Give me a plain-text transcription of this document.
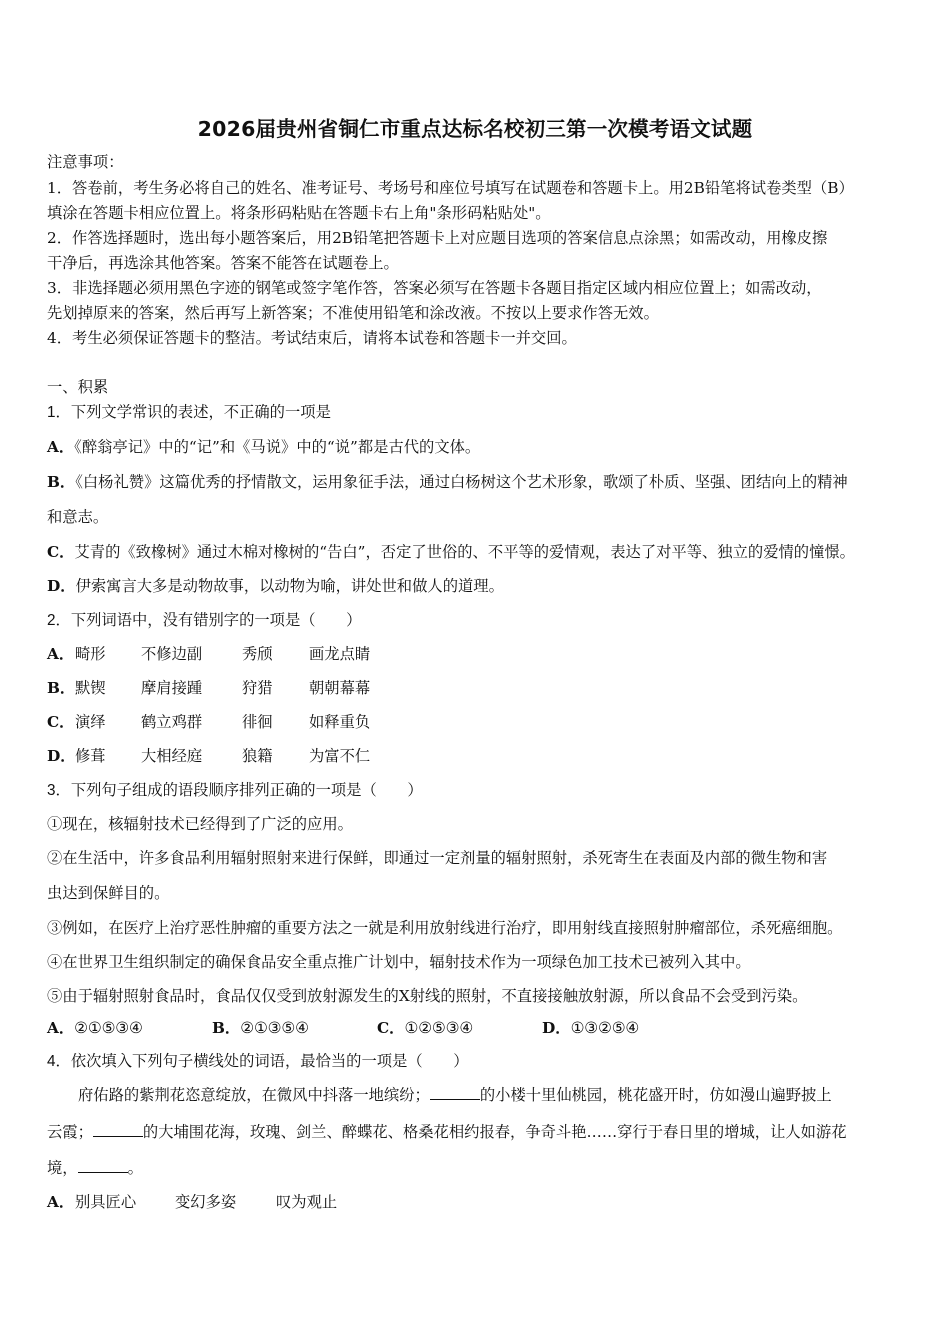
2026届贵州省铜仁市重点达标名校初三第一次模考语文试题
注意事项：
1．答卷前，考生务必将自己的姓名、准考证号、考场号和座位号填写在试题卷和答题卡上。用2B铅笔将试卷类型（B）
填涂在答题卡相应位置上。将条形码粘贴在答题卡右上角"条形码粘贴处"。
2．作答选择题时，选出每小题答案后，用2B铅笔把答题卡上对应题目选项的答案信息点涂黑；如需改动，用橡皮擦
干净后，再选涂其他答案。答案不能答在试题卷上。
3．非选择题必须用黑色字迹的钢笔或签字笔作答，答案必须写在答题卡各题目指定区域内相应位置上；如需改动，
先划掉原来的答案，然后再写上新答案；不准使用铅笔和涂改液。不按以上要求作答无效。
4．考生必须保证答题卡的整洁。考试结束后，请将本试卷和答题卡一并交回。
一、积累
1．下列文学常识的表述，不正确的一项是
A．《醉翁亭记》中的“记”和《马说》中的“说”都是古代的文体。
B．《白杨礼赞》这篇优秀的抒情散文，运用象征手法，通过白杨树这个艺术形象，歌颂了朴质、坚强、团结向上的精神
和意志。
C．艾青的《致橡树》通过木棉对橡树的“告白”，否定了世俗的、不平等的爱情观，表达了对平等、独立的爱情的憧憬。
D．伊索寓言大多是动物故事，以动物为喻，讲处世和做人的道理。
2．下列词语中，没有错别字的一项是（　　）
A． 畸形 不修边副	秀颀 画龙点睛
B． 默锲 摩肩接踵	狩猎 朝朝幕幕
C． 演绎 鹤立鸡群	徘徊 如释重负
D． 修葺 大相经庭	狼籍 为富不仁
3．下列句子组成的语段顺序排列正确的一项是（　　）
①现在，核辐射技术已经得到了广泛的应用。
②在生活中，许多食品利用辐射照射来进行保鲜，即通过一定剂量的辐射照射，杀死寄生在表面及内部的微生物和害
虫达到保鲜目的。
③例如，在医疗上治疗恶性肿瘤的重要方法之一就是利用放射线进行治疗，即用射线直接照射肿瘤部位，杀死癌细胞。
④在世界卫生组织制定的确保食品安全重点推广计划中，辐射技术作为一项绿色加工技术已被列入其中。
⑤由于辐射照射食品时，食品仅仅受到放射源发生的X射线的照射，不直接接触放射源，所以食品不会受到污染。
A．②①⑤③④	B．②①③⑤④	C．①②⑤③④	D．①③②⑤④
4．依次填入下列句子横线处的词语，最恰当的一项是（　　）
府佑路的紫荆花恣意绽放，在微风中抖落一地缤纷；	的小楼十里仙桃园，桃花盛开时，仿如漫山遍野披上
云霞；	的大埔围花海，玫瑰、剑兰、醉蝶花、格桑花相约报春，争奇斗艳……穿行于春日里的增城，让人如游花
境，	。
A． 别具匠心	变幻多姿	叹为观止
